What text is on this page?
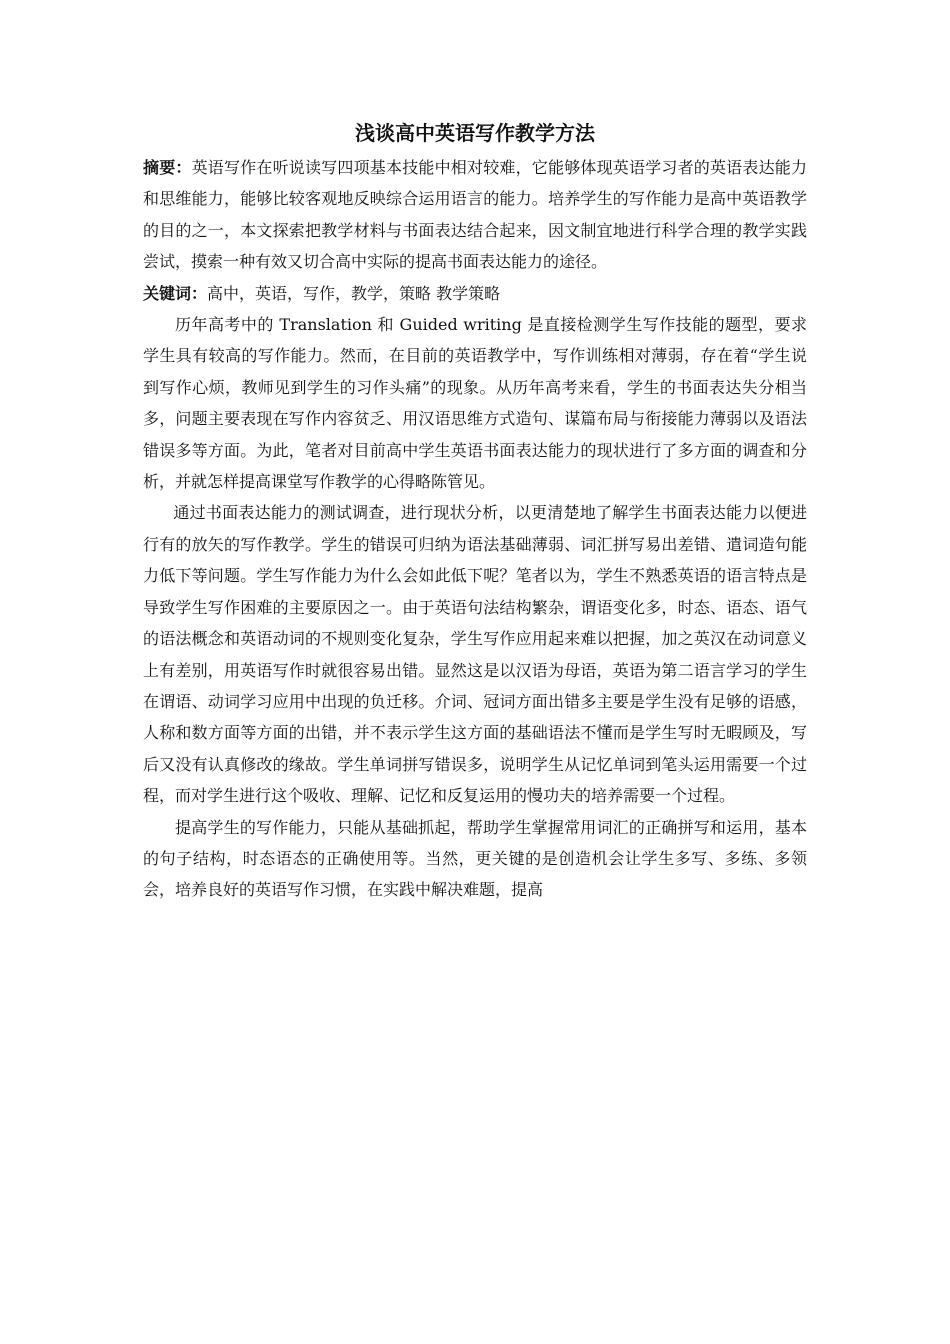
浅谈高中英语写作教学方法

摘要：英语写作在听说读写四项基本技能中相对较难，它能够体现英语学习者的英语表达能力和思维能力，能够比较客观地反映综合运用语言的能力。培养学生的写作能力是高中英语教学的目的之一，本文探索把教学材料与书面表达结合起来，因文制宜地进行科学合理的教学实践尝试，摸索一种有效又切合高中实际的提高书面表达能力的途径。

关键词：高中，英语，写作，教学，策略 教学策略

历年高考中的 Translation 和 Guided writing 是直接检测学生写作技能的题型，要求学生具有较高的写作能力。然而，在目前的英语教学中，写作训练相对薄弱，存在着“学生说到写作心烦，教师见到学生的习作头痛”的现象。从历年高考来看，学生的书面表达失分相当多，问题主要表现在写作内容贫乏、用汉语思维方式造句、谋篇布局与衔接能力薄弱以及语法错误多等方面。为此，笔者对目前高中学生英语书面表达能力的现状进行了多方面的调查和分析，并就怎样提高课堂写作教学的心得略陈管见。

通过书面表达能力的测试调查，进行现状分析，以更清楚地了解学生书面表达能力以便进行有的放矢的写作教学。学生的错误可归纳为语法基础薄弱、词汇拼写易出差错、遣词造句能力低下等问题。学生写作能力为什么会如此低下呢？笔者以为，学生不熟悉英语的语言特点是导致学生写作困难的主要原因之一。由于英语句法结构繁杂，谓语变化多，时态、语态、语气的语法概念和英语动词的不规则变化复杂，学生写作应用起来难以把握，加之英汉在动词意义上有差别，用英语写作时就很容易出错。显然这是以汉语为母语，英语为第二语言学习的学生在谓语、动词学习应用中出现的负迁移。介词、冠词方面出错多主要是学生没有足够的语感，人称和数方面等方面的出错，并不表示学生这方面的基础语法不懂而是学生写时无暇顾及，写后又没有认真修改的缘故。学生单词拼写错误多，说明学生从记忆单词到笔头运用需要一个过程，而对学生进行这个吸收、理解、记忆和反复运用的慢功夫的培养需要一个过程。

提高学生的写作能力，只能从基础抓起，帮助学生掌握常用词汇的正确拼写和运用，基本的句子结构，时态语态的正确使用等。当然，更关键的是创造机会让学生多写、多练、多领会，培养良好的英语写作习惯，在实践中解决难题，提高
